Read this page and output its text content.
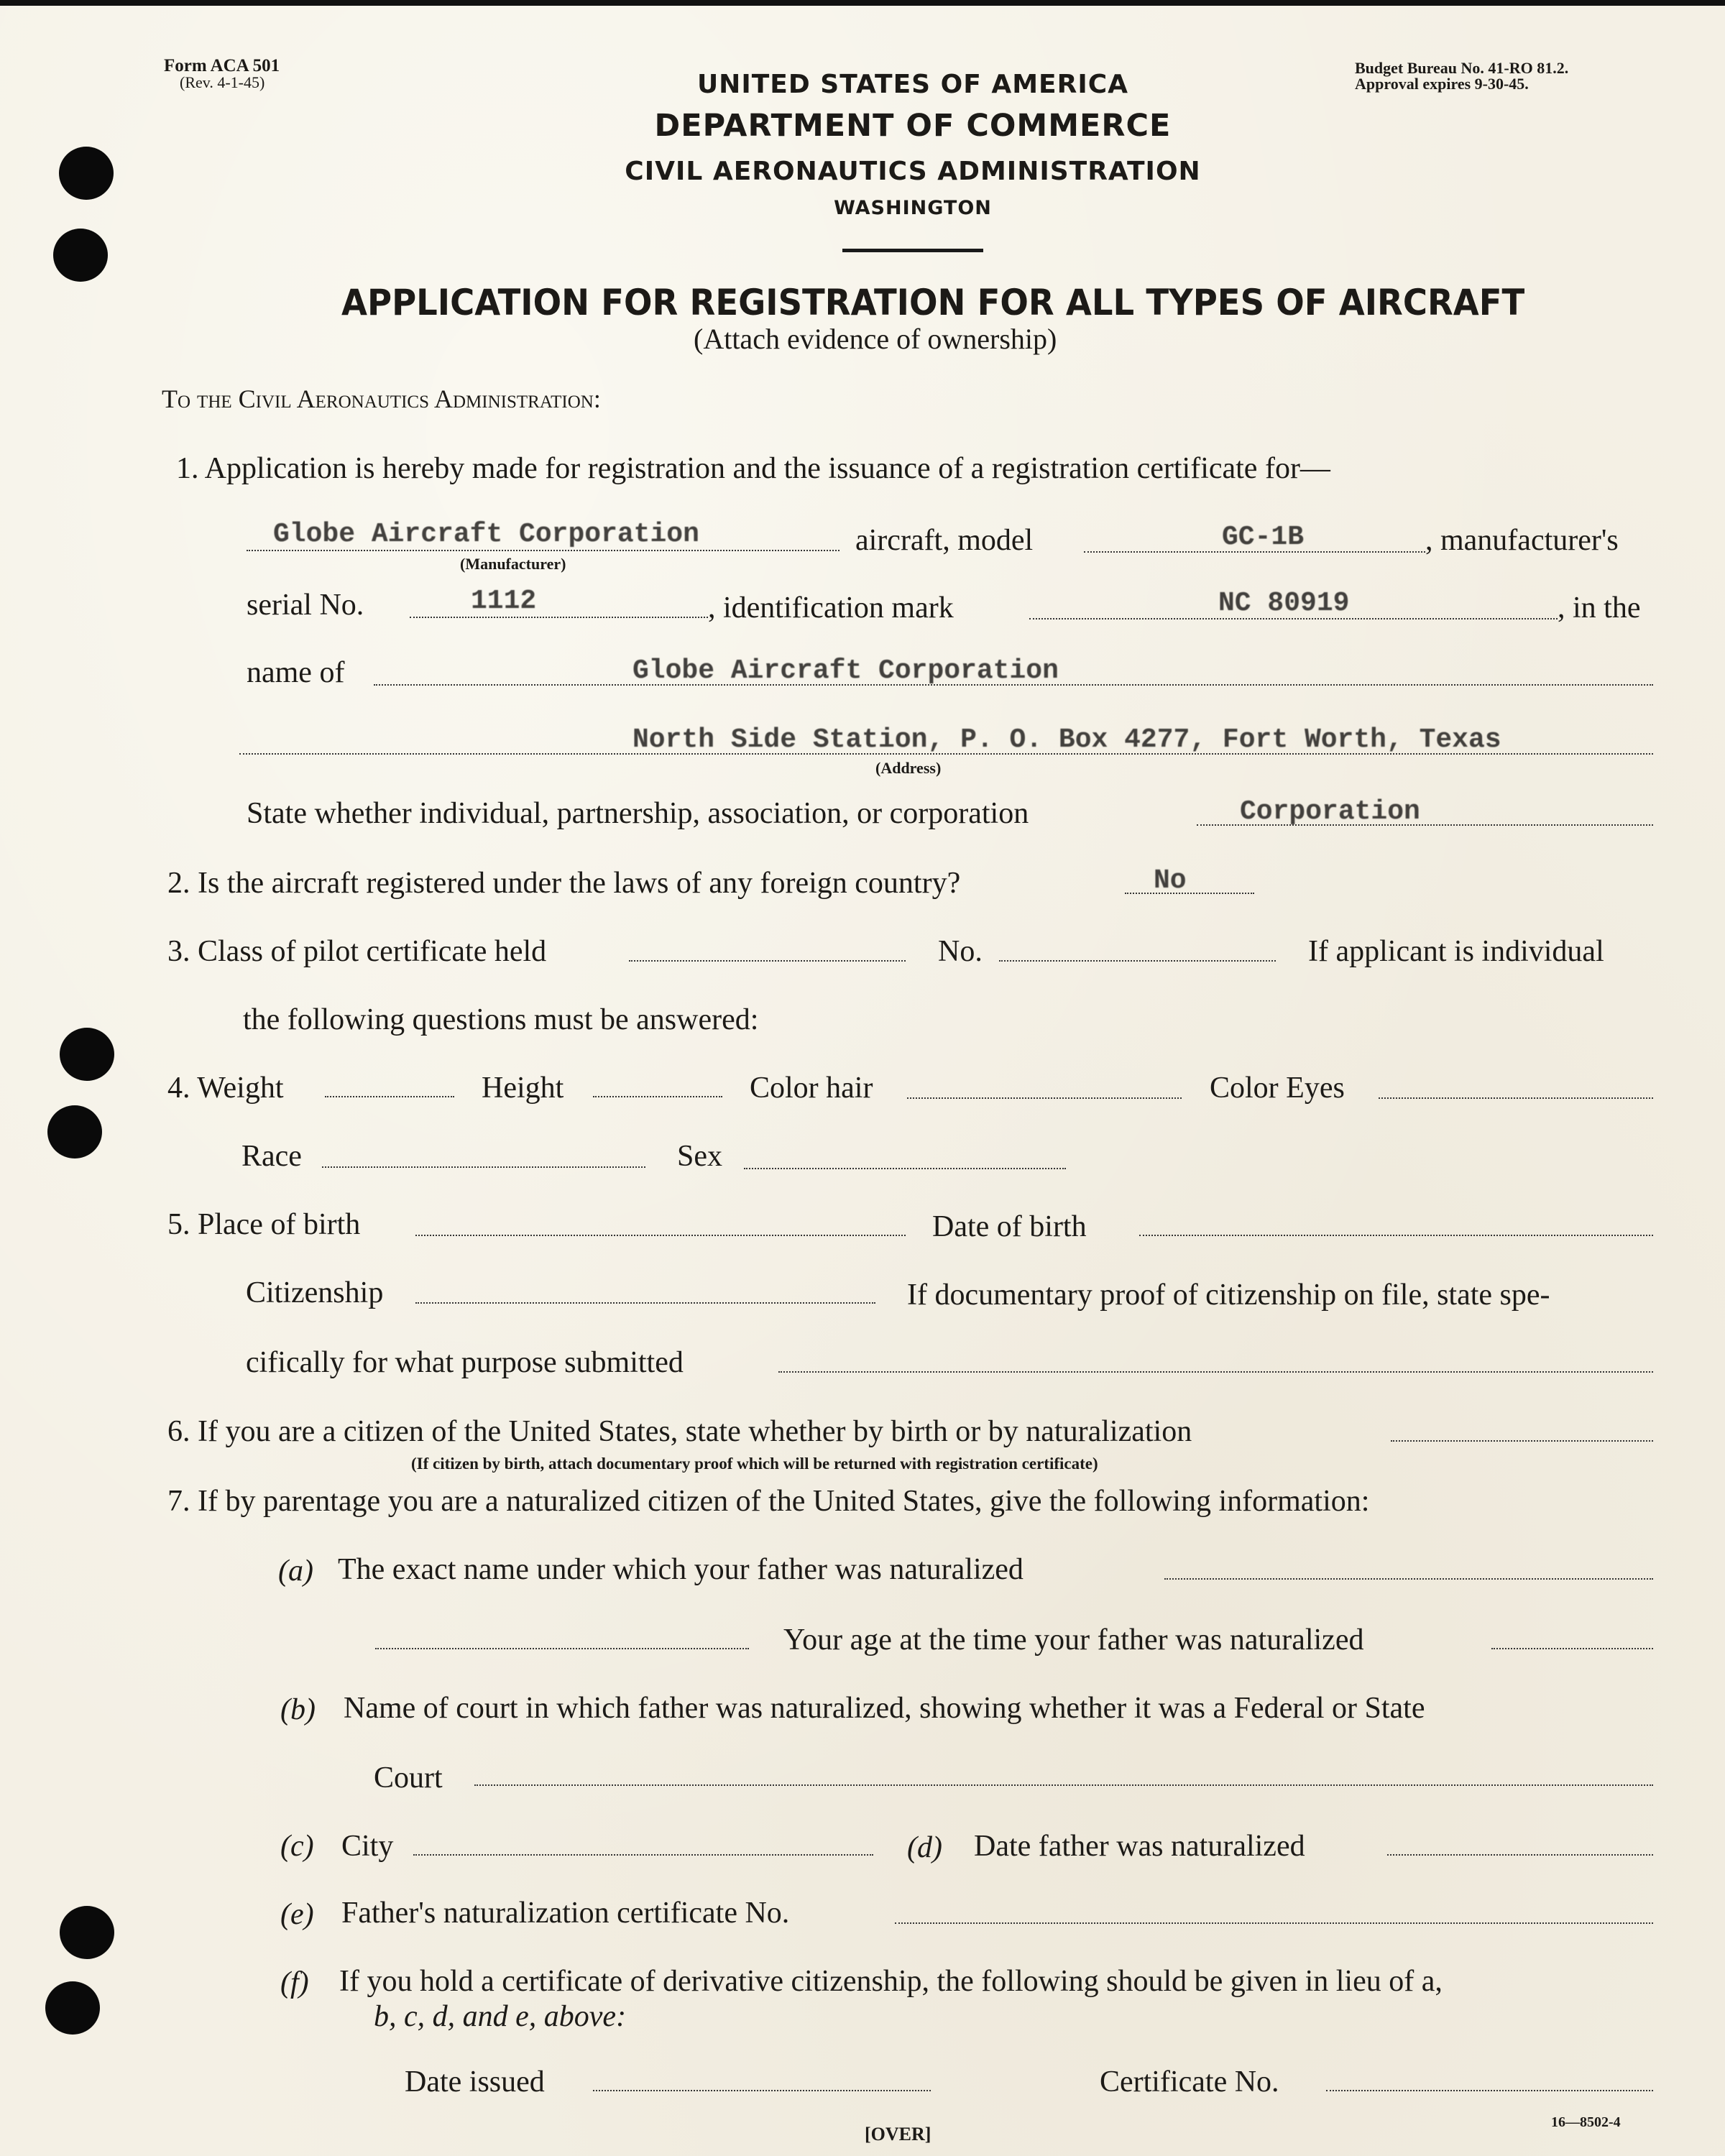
Form ACA 501
(Rev. 4-1-45)
Budget Bureau No. 41-RO 81.2.
Approval expires 9-30-45.
UNITED STATES OF AMERICA
DEPARTMENT OF COMMERCE
CIVIL AERONAUTICS ADMINISTRATION
WASHINGTON
APPLICATION FOR REGISTRATION FOR ALL TYPES OF AIRCRAFT
(Attach evidence of ownership)
To the Civil Aeronautics Administration:
1. Application is hereby made for registration and the issuance of a registration certificate for—
Globe Aircraft Corporation
(Manufacturer)
aircraft, model	GC-1B	, manufacturer's
serial No.	1112	, identification mark	NC 80919	, in the
name of	Globe Aircraft Corporation
North Side Station, P. O. Box 4277, Fort Worth, Texas
(Address)
State whether individual, partnership, association, or corporation	Corporation
2. Is the aircraft registered under the laws of any foreign country?	No
3. Class of pilot certificate held	No.	If applicant is individual
the following questions must be answered:
4. Weight	Height	Color hair	Color Eyes
Race	Sex
5. Place of birth	Date of birth
Citizenship	If documentary proof of citizenship on file, state spe-
cifically for what purpose submitted
6. If you are a citizen of the United States, state whether by birth or by naturalization
(If citizen by birth, attach documentary proof which will be returned with registration certificate)
7. If by parentage you are a naturalized citizen of the United States, give the following information:
(a) The exact name under which your father was naturalized
Your age at the time your father was naturalized
(b) Name of court in which father was naturalized, showing whether it was a Federal or State
Court
(c) City	(d) Date father was naturalized
(e) Father's naturalization certificate No.
(f) If you hold a certificate of derivative citizenship, the following should be given in lieu of a,
b, c, d, and e, above:
Date issued	Certificate No.
[OVER]
16—8502-4
